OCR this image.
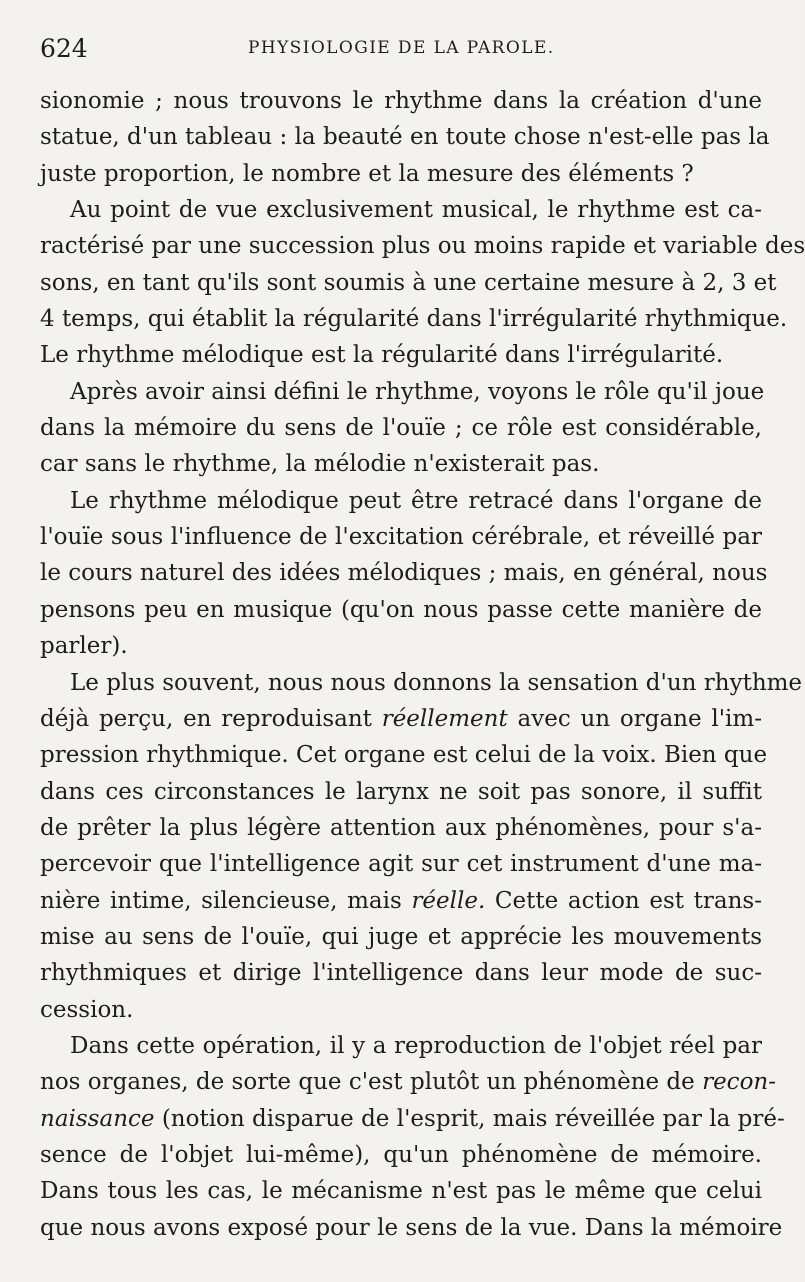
624	PHYSIOLOGIE DE LA PAROLE.
sionomie ; nous trouvons le rhythme dans la création d'une
statue, d'un tableau : la beauté en toute chose n'est-elle pas la
juste proportion, le nombre et la mesure des éléments ?
Au point de vue exclusivement musical, le rhythme est ca-
ractérisé par une succession plus ou moins rapide et variable des
sons, en tant qu'ils sont soumis à une certaine mesure à 2, 3 et
4 temps, qui établit la régularité dans l'irrégularité rhythmique.
Le rhythme mélodique est la régularité dans l'irrégularité.
Après avoir ainsi défini le rhythme, voyons le rôle qu'il joue
dans la mémoire du sens de l'ouïe ; ce rôle est considérable,
car sans le rhythme, la mélodie n'existerait pas.
Le rhythme mélodique peut être retracé dans l'organe de
l'ouïe sous l'influence de l'excitation cérébrale, et réveillé par
le cours naturel des idées mélodiques ; mais, en général, nous
pensons peu en musique (qu'on nous passe cette manière de
parler).
Le plus souvent, nous nous donnons la sensation d'un rhythme
déjà perçu, en reproduisant réellement avec un organe l'im-
pression rhythmique. Cet organe est celui de la voix. Bien que
dans ces circonstances le larynx ne soit pas sonore, il suffit
de prêter la plus légère attention aux phénomènes, pour s'a-
percevoir que l'intelligence agit sur cet instrument d'une ma-
nière intime, silencieuse, mais réelle. Cette action est trans-
mise au sens de l'ouïe, qui juge et apprécie les mouvements
rhythmiques et dirige l'intelligence dans leur mode de suc-
cession.
Dans cette opération, il y a reproduction de l'objet réel par
nos organes, de sorte que c'est plutôt un phénomène de recon-
naissance (notion disparue de l'esprit, mais réveillée par la pré-
sence de l'objet lui-même), qu'un phénomène de mémoire.
Dans tous les cas, le mécanisme n'est pas le même que celui
que nous avons exposé pour le sens de la vue. Dans la mémoire
